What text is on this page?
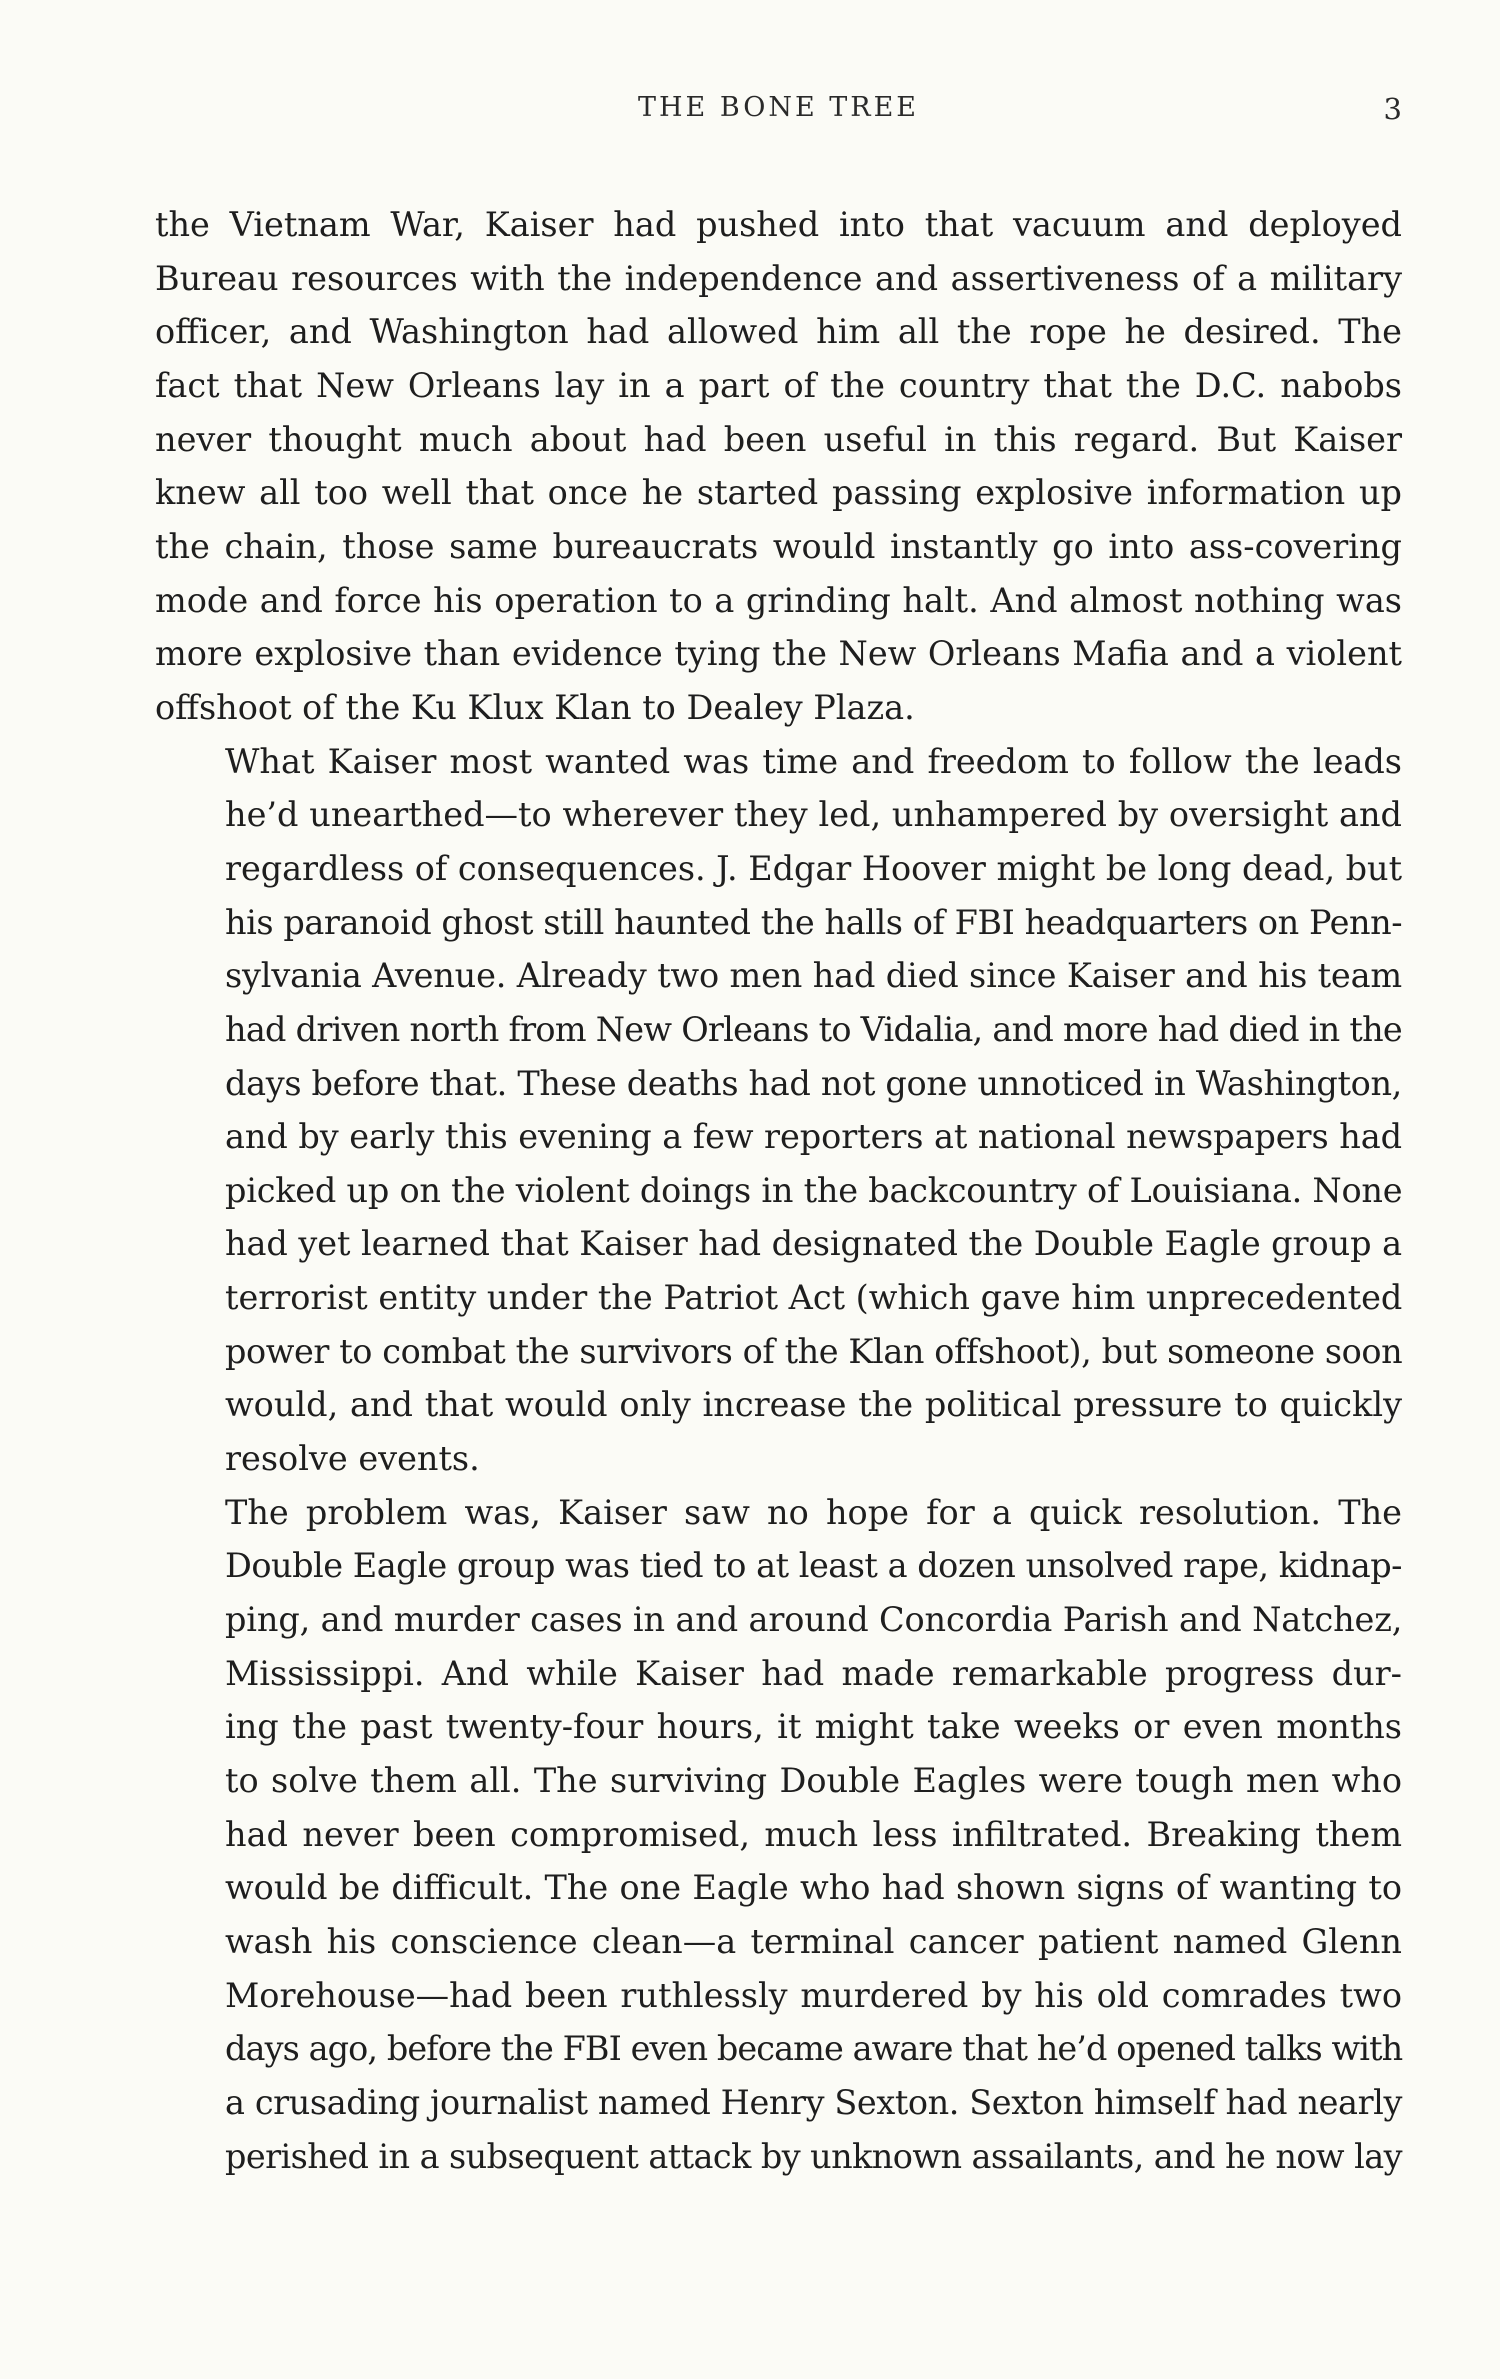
THE BONE TREE	3

the Vietnam War, Kaiser had pushed into that vacuum and deployed
Bureau resources with the independence and assertiveness of a military
officer, and Washington had allowed him all the rope he desired. The
fact that New Orleans lay in a part of the country that the D.C. nabobs
never thought much about had been useful in this regard. But Kaiser
knew all too well that once he started passing explosive information up
the chain, those same bureaucrats would instantly go into ass-covering
mode and force his operation to a grinding halt. And almost nothing was
more explosive than evidence tying the New Orleans Mafia and a violent
offshoot of the Ku Klux Klan to Dealey Plaza.

What Kaiser most wanted was time and freedom to follow the leads
he’d unearthed—to wherever they led, unhampered by oversight and
regardless of consequences. J. Edgar Hoover might be long dead, but
his paranoid ghost still haunted the halls of FBI headquarters on Penn-
sylvania Avenue. Already two men had died since Kaiser and his team
had driven north from New Orleans to Vidalia, and more had died in the
days before that. These deaths had not gone unnoticed in Washington,
and by early this evening a few reporters at national newspapers had
picked up on the violent doings in the backcountry of Louisiana. None
had yet learned that Kaiser had designated the Double Eagle group a
terrorist entity under the Patriot Act (which gave him unprecedented
power to combat the survivors of the Klan offshoot), but someone soon
would, and that would only increase the political pressure to quickly
resolve events.

The problem was, Kaiser saw no hope for a quick resolution. The
Double Eagle group was tied to at least a dozen unsolved rape, kidnap-
ping, and murder cases in and around Concordia Parish and Natchez,
Mississippi. And while Kaiser had made remarkable progress dur-
ing the past twenty-four hours, it might take weeks or even months
to solve them all. The surviving Double Eagles were tough men who
had never been compromised, much less infiltrated. Breaking them
would be difficult. The one Eagle who had shown signs of wanting to
wash his conscience clean—a terminal cancer patient named Glenn
Morehouse—had been ruthlessly murdered by his old comrades two
days ago, before the FBI even became aware that he’d opened talks with
a crusading journalist named Henry Sexton. Sexton himself had nearly
perished in a subsequent attack by unknown assailants, and he now lay
